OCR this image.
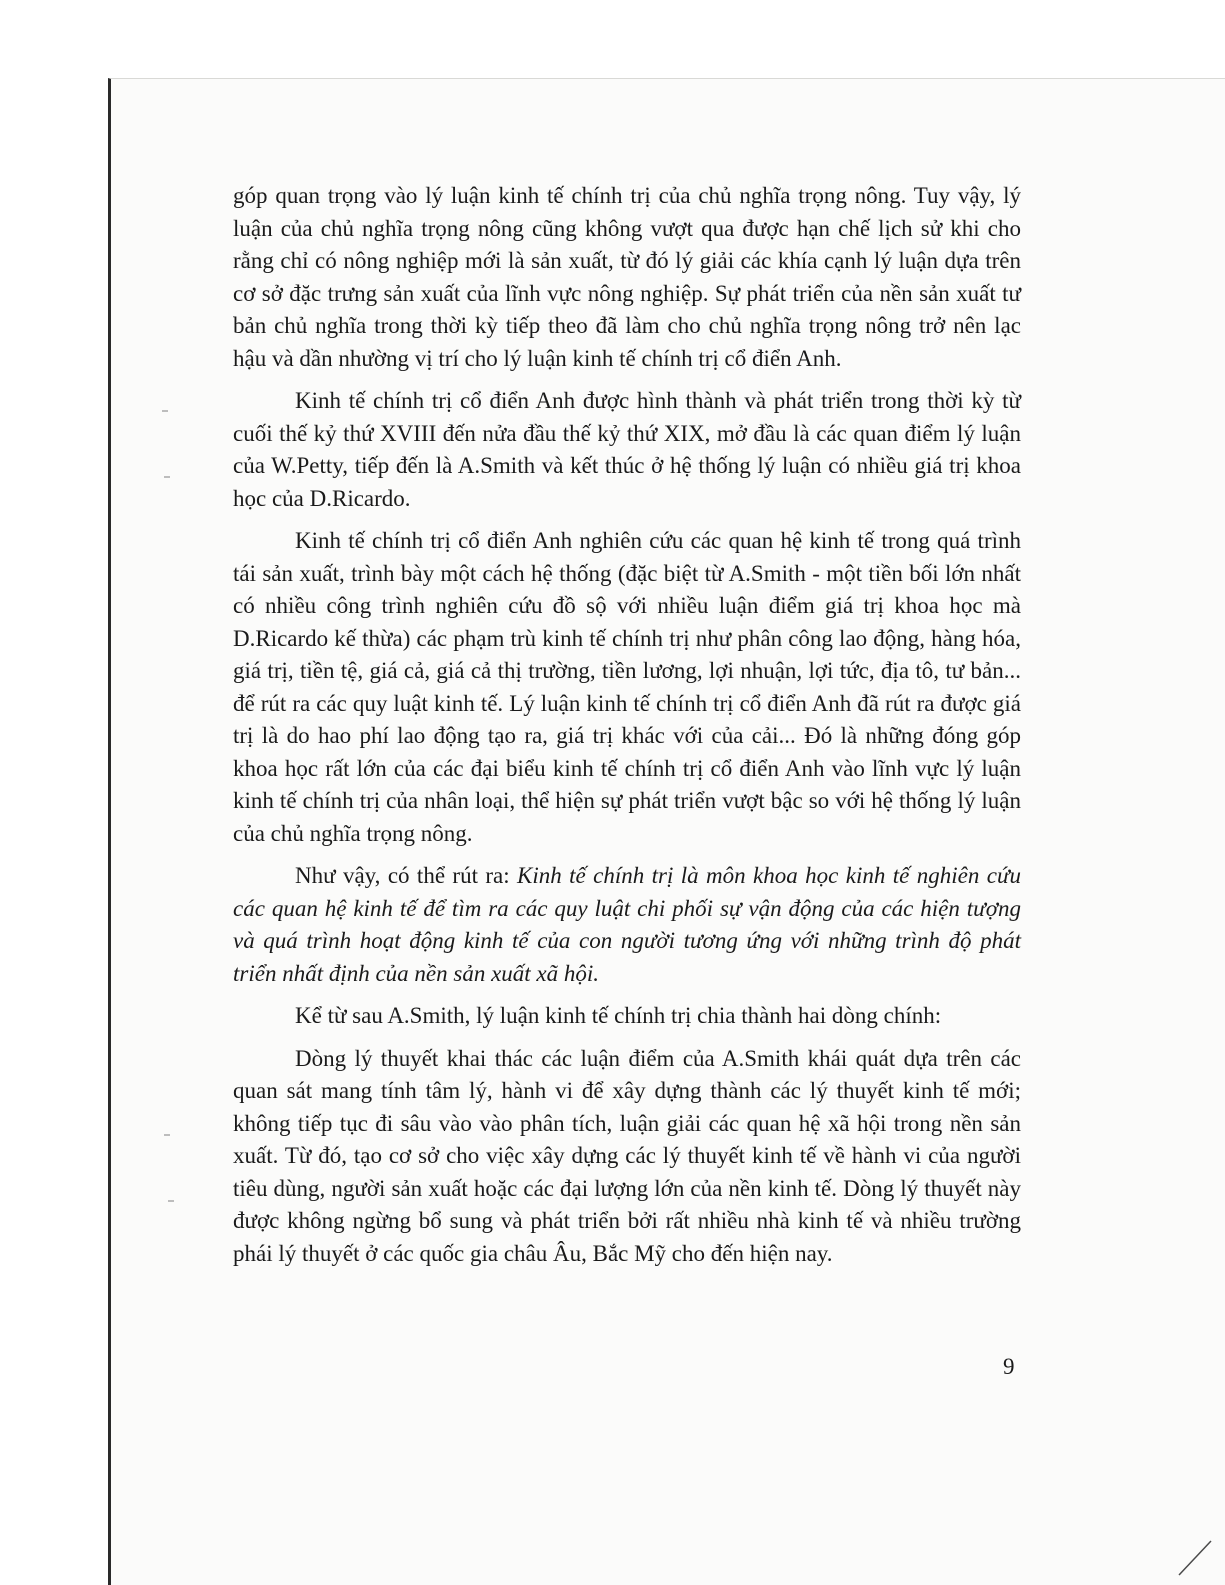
góp quan trọng vào lý luận kinh tế chính trị của chủ nghĩa trọng nông. Tuy vậy, lý luận của chủ nghĩa trọng nông cũng không vượt qua được hạn chế lịch sử khi cho rằng chỉ có nông nghiệp mới là sản xuất, từ đó lý giải các khía cạnh lý luận dựa trên cơ sở đặc trưng sản xuất của lĩnh vực nông nghiệp. Sự phát triển của nền sản xuất tư bản chủ nghĩa trong thời kỳ tiếp theo đã làm cho chủ nghĩa trọng nông trở nên lạc hậu và dần nhường vị trí cho lý luận kinh tế chính trị cổ điển Anh.

Kinh tế chính trị cổ điển Anh được hình thành và phát triển trong thời kỳ từ cuối thế kỷ thứ XVIII đến nửa đầu thế kỷ thứ XIX, mở đầu là các quan điểm lý luận của W.Petty, tiếp đến là A.Smith và kết thúc ở hệ thống lý luận có nhiều giá trị khoa học của D.Ricardo.

Kinh tế chính trị cổ điển Anh nghiên cứu các quan hệ kinh tế trong quá trình tái sản xuất, trình bày một cách hệ thống (đặc biệt từ A.Smith - một tiền bối lớn nhất có nhiều công trình nghiên cứu đồ sộ với nhiều luận điểm giá trị khoa học mà D.Ricardo kế thừa) các phạm trù kinh tế chính trị như phân công lao động, hàng hóa, giá trị, tiền tệ, giá cả, giá cả thị trường, tiền lương, lợi nhuận, lợi tức, địa tô, tư bản... để rút ra các quy luật kinh tế. Lý luận kinh tế chính trị cổ điển Anh đã rút ra được giá trị là do hao phí lao động tạo ra, giá trị khác với của cải... Đó là những đóng góp khoa học rất lớn của các đại biểu kinh tế chính trị cổ điển Anh vào lĩnh vực lý luận kinh tế chính trị của nhân loại, thể hiện sự phát triển vượt bậc so với hệ thống lý luận của chủ nghĩa trọng nông.

Như vậy, có thể rút ra: Kinh tế chính trị là môn khoa học kinh tế nghiên cứu các quan hệ kinh tế để tìm ra các quy luật chi phối sự vận động của các hiện tượng và quá trình hoạt động kinh tế của con người tương ứng với những trình độ phát triển nhất định của nền sản xuất xã hội.

Kể từ sau A.Smith, lý luận kinh tế chính trị chia thành hai dòng chính:

Dòng lý thuyết khai thác các luận điểm của A.Smith khái quát dựa trên các quan sát mang tính tâm lý, hành vi để xây dựng thành các lý thuyết kinh tế mới; không tiếp tục đi sâu vào vào phân tích, luận giải các quan hệ xã hội trong nền sản xuất. Từ đó, tạo cơ sở cho việc xây dựng các lý thuyết kinh tế về hành vi của người tiêu dùng, người sản xuất hoặc các đại lượng lớn của nền kinh tế. Dòng lý thuyết này được không ngừng bổ sung và phát triển bởi rất nhiều nhà kinh tế và nhiều trường phái lý thuyết ở các quốc gia châu Âu, Bắc Mỹ cho đến hiện nay.

9
